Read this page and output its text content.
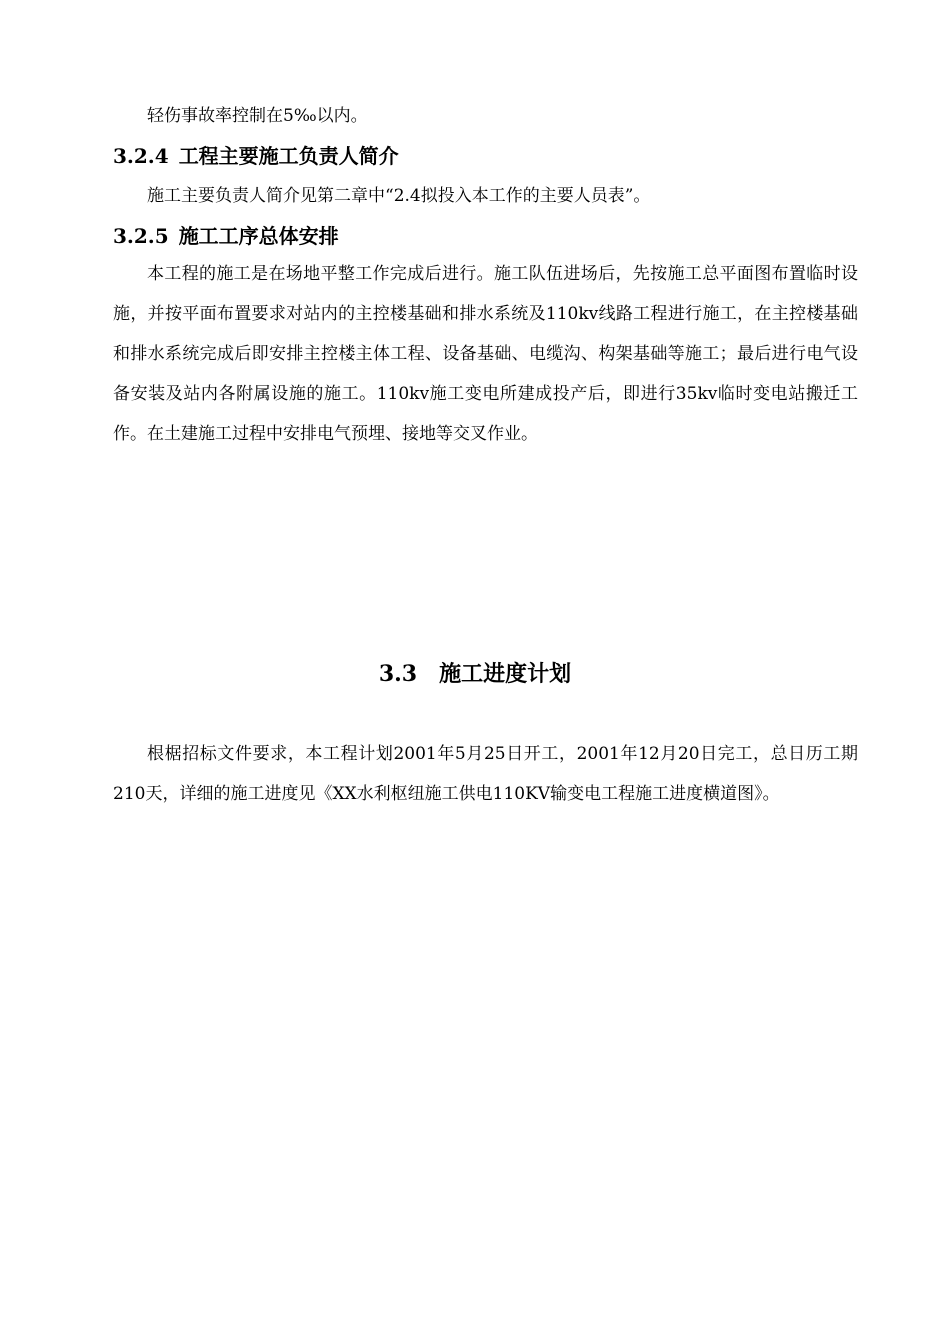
轻伤事故率控制在5‰以内。

3.2.4 工程主要施工负责人简介

施工主要负责人简介见第二章中“2.4拟投入本工作的主要人员表”。

3.2.5 施工工序总体安排

本工程的施工是在场地平整工作完成后进行。施工队伍进场后，先按施工总平面图布置临时设施，并按平面布置要求对站内的主控楼基础和排水系统及110kv线路工程进行施工，在主控楼基础和排水系统完成后即安排主控楼主体工程、设备基础、电缆沟、构架基础等施工；最后进行电气设备安装及站内各附属设施的施工。110kv施工变电所建成投产后，即进行35kv临时变电站搬迁工作。在土建施工过程中安排电气预埋、接地等交叉作业。

3.3 施工进度计划

根椐招标文件要求，本工程计划2001年5月25日开工，2001年12月20日完工，总日历工期210天，详细的施工进度见《XX水利枢纽施工供电110KV输变电工程施工进度横道图》。
